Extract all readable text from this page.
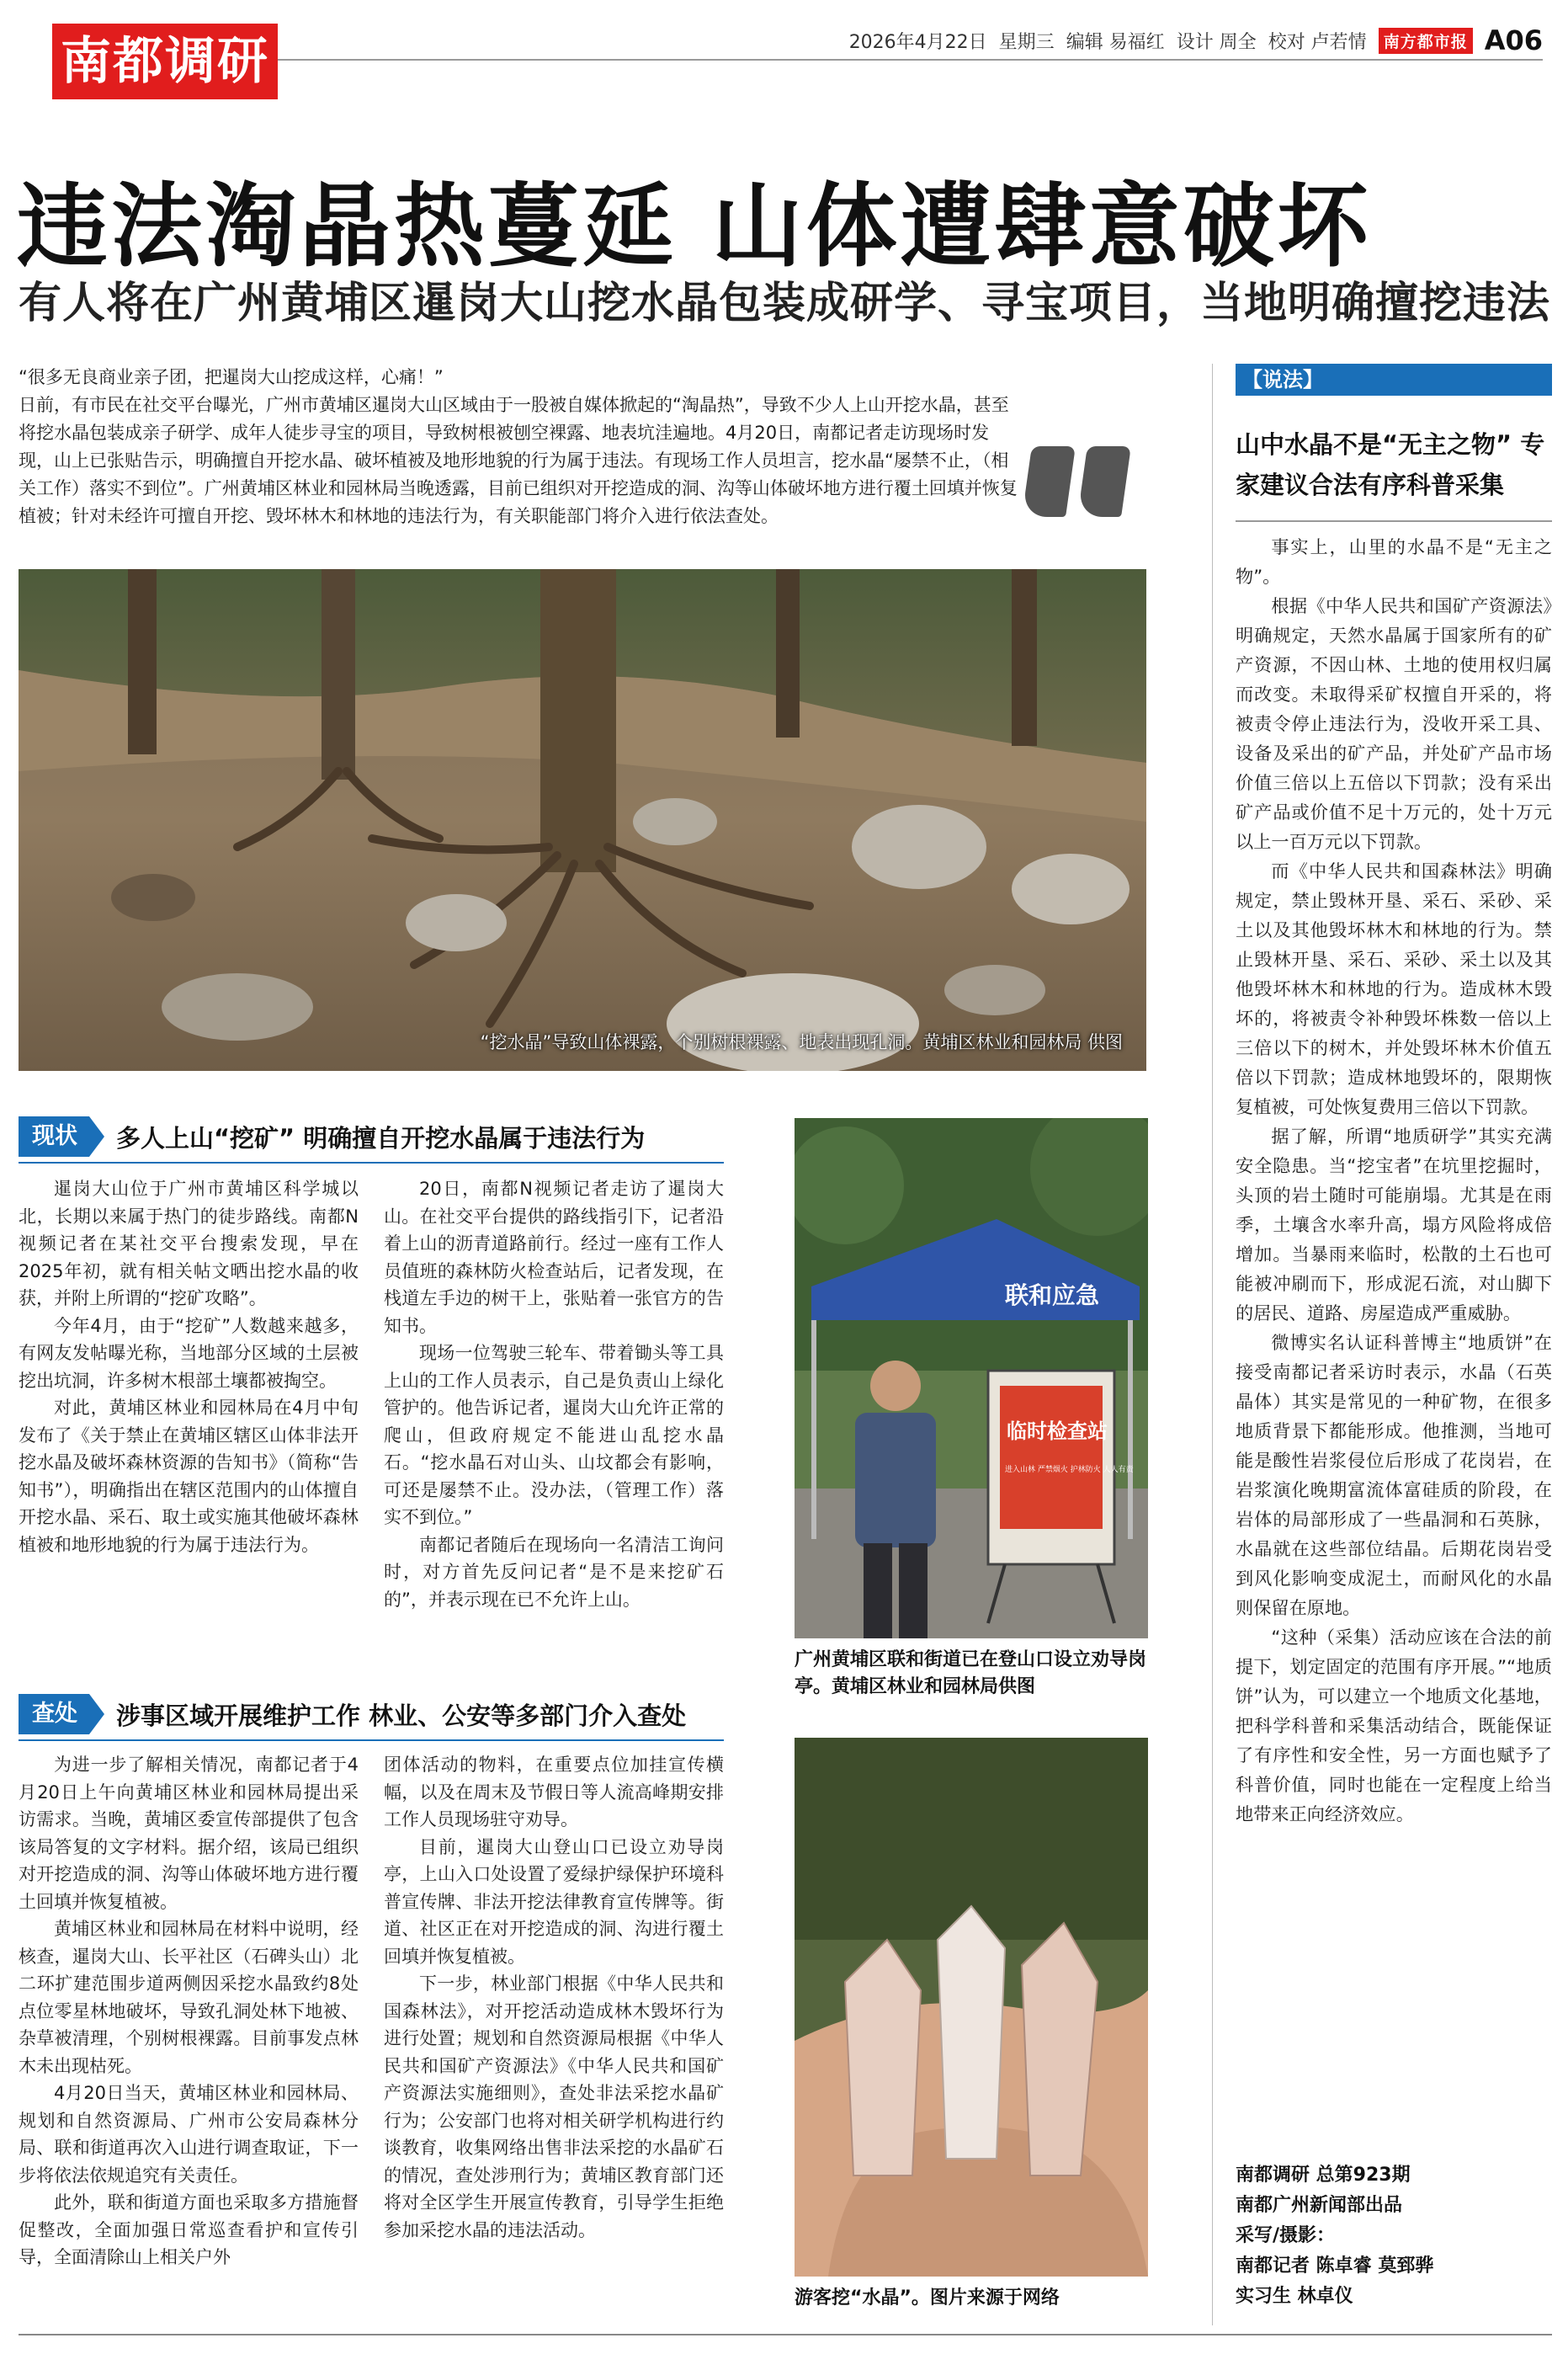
南都调研	2026年4月22日 星期三 编辑 易福红 设计 周全 校对 卢若情	南方都市报 A06
违法淘晶热蔓延 山体遭肆意破坏
有人将在广州黄埔区暹岗大山挖水晶包装成研学、寻宝项目，当地明确擅挖违法
“很多无良商业亲子团，把暹岗大山挖成这样，心痛！”
日前，有市民在社交平台曝光，广州市黄埔区暹岗大山区域由于一股被自媒体掀起的“淘晶热”，导致不少人上山开挖水晶，甚至将挖水晶包装成亲子研学、成年人徒步寻宝的项目，导致树根被刨空裸露、地表坑洼遍地。4月20日，南都记者走访现场时发现，山上已张贴告示，明确擅自开挖水晶、破坏植被及地形地貌的行为属于违法。有现场工作人员坦言，挖水晶“屡禁不止，（相关工作）落实不到位”。广州黄埔区林业和园林局当晚透露，目前已组织对开挖造成的洞、沟等山体破坏地方进行覆土回填并恢复植被；针对未经许可擅自开挖、毁坏林木和林地的违法行为，有关职能部门将介入进行依法查处。
“挖水晶”导致山体裸露，个别树根裸露、地表出现孔洞。黄埔区林业和园林局 供图
现状	多人上山“挖矿” 明确擅自开挖水晶属于违法行为

暹岗大山位于广州市黄埔区科学城以北，长期以来属于热门的徒步路线。南都N视频记者在某社交平台搜索发现，早在2025年初，就有相关帖文晒出挖水晶的收获，并附上所谓的“挖矿攻略”。

今年4月，由于“挖矿”人数越来越多，有网友发帖曝光称，当地部分区域的土层被挖出坑洞，许多树木根部土壤都被掏空。

对此，黄埔区林业和园林局在4月中旬发布了《关于禁止在黄埔区辖区山体非法开挖水晶及破坏森林资源的告知书》（简称“告知书”），明确指出在辖区范围内的山体擅自开挖水晶、采石、取土或实施其他破坏森林植被和地形地貌的行为属于违法行为。

20日，南都N视频记者走访了暹岗大山。在社交平台提供的路线指引下，记者沿着上山的沥青道路前行。经过一座有工作人员值班的森林防火检查站后，记者发现，在栈道左手边的树干上，张贴着一张官方的告知书。

现场一位驾驶三轮车、带着锄头等工具上山的工作人员表示，自己是负责山上绿化管护的。他告诉记者，暹岗大山允许正常的爬山，但政府规定不能进山乱挖水晶石。“挖水晶石对山头、山坟都会有影响，可还是屡禁不止。没办法，（管理工作）落实不到位。”

南都记者随后在现场向一名清洁工询问时，对方首先反问记者“是不是来挖矿石的”，并表示现在已不允许上山。

查处	涉事区域开展维护工作 林业、公安等多部门介入查处

为进一步了解相关情况，南都记者于4月20日上午向黄埔区林业和园林局提出采访需求。当晚，黄埔区委宣传部提供了包含该局答复的文字材料。据介绍，该局已组织对开挖造成的洞、沟等山体破坏地方进行覆土回填并恢复植被。

黄埔区林业和园林局在材料中说明，经核查，暹岗大山、长平社区（石碑头山）北二环扩建范围步道两侧因采挖水晶致约8处点位零星林地破坏，导致孔洞处林下地被、杂草被清理，个别树根裸露。目前事发点林木未出现枯死。

4月20日当天，黄埔区林业和园林局、规划和自然资源局、广州市公安局森林分局、联和街道再次入山进行调查取证，下一步将依法依规追究有关责任。

此外，联和街道方面也采取多方措施督促整改，全面加强日常巡查看护和宣传引导，全面清除山上相关户外

团体活动的物料，在重要点位加挂宣传横幅，以及在周末及节假日等人流高峰期安排工作人员现场驻守劝导。

目前，暹岗大山登山口已设立劝导岗亭，上山入口处设置了爱绿护绿保护环境科普宣传牌、非法开挖法律教育宣传牌等。街道、社区正在对开挖造成的洞、沟进行覆土回填并恢复植被。

下一步，林业部门根据《中华人民共和国森林法》，对开挖活动造成林木毁坏行为进行处置；规划和自然资源局根据《中华人民共和国矿产资源法》《中华人民共和国矿产资源法实施细则》，查处非法采挖水晶矿行为；公安部门也将对相关研学机构进行约谈教育，收集网络出售非法采挖的水晶矿石的情况，查处涉刑行为；黄埔区教育部门还将对全区学生开展宣传教育，引导学生拒绝参加采挖水晶的违法活动。

联和应急
临时检查站
进入山林 严禁烟火 护林防火 人人有责
广州黄埔区联和街道已在登山口设立劝导岗亭。黄埔区林业和园林局供图
游客挖“水晶”。图片来源于网络
【说法】
山中水晶不是“无主之物” 专家建议合法有序科普采集

事实上，山里的水晶不是“无主之物”。

根据《中华人民共和国矿产资源法》明确规定，天然水晶属于国家所有的矿产资源，不因山林、土地的使用权归属而改变。未取得采矿权擅自开采的，将被责令停止违法行为，没收开采工具、设备及采出的矿产品，并处矿产品市场价值三倍以上五倍以下罚款；没有采出矿产品或价值不足十万元的，处十万元以上一百万元以下罚款。

而《中华人民共和国森林法》明确规定，禁止毁林开垦、采石、采砂、采土以及其他毁坏林木和林地的行为。禁止毁林开垦、采石、采砂、采土以及其他毁坏林木和林地的行为。造成林木毁坏的，将被责令补种毁坏株数一倍以上三倍以下的树木，并处毁坏林木价值五倍以下罚款；造成林地毁坏的，限期恢复植被，可处恢复费用三倍以下罚款。

据了解，所谓“地质研学”其实充满安全隐患。当“挖宝者”在坑里挖掘时，头顶的岩土随时可能崩塌。尤其是在雨季，土壤含水率升高，塌方风险将成倍增加。当暴雨来临时，松散的土石也可能被冲刷而下，形成泥石流，对山脚下的居民、道路、房屋造成严重威胁。

微博实名认证科普博主“地质饼”在接受南都记者采访时表示，水晶（石英晶体）其实是常见的一种矿物，在很多地质背景下都能形成。他推测，当地可能是酸性岩浆侵位后形成了花岗岩，在岩浆演化晚期富流体富硅质的阶段，在岩体的局部形成了一些晶洞和石英脉，水晶就在这些部位结晶。后期花岗岩受到风化影响变成泥土，而耐风化的水晶则保留在原地。

“这种（采集）活动应该在合法的前提下，划定固定的范围有序开展。”“地质饼”认为，可以建立一个地质文化基地，把科学科普和采集活动结合，既能保证了有序性和安全性，另一方面也赋予了科普价值，同时也能在一定程度上给当地带来正向经济效应。

南都调研 总第923期
南都广州新闻部出品
采写/摄影：
南都记者 陈卓睿 莫郅骅
实习生 林卓仪
